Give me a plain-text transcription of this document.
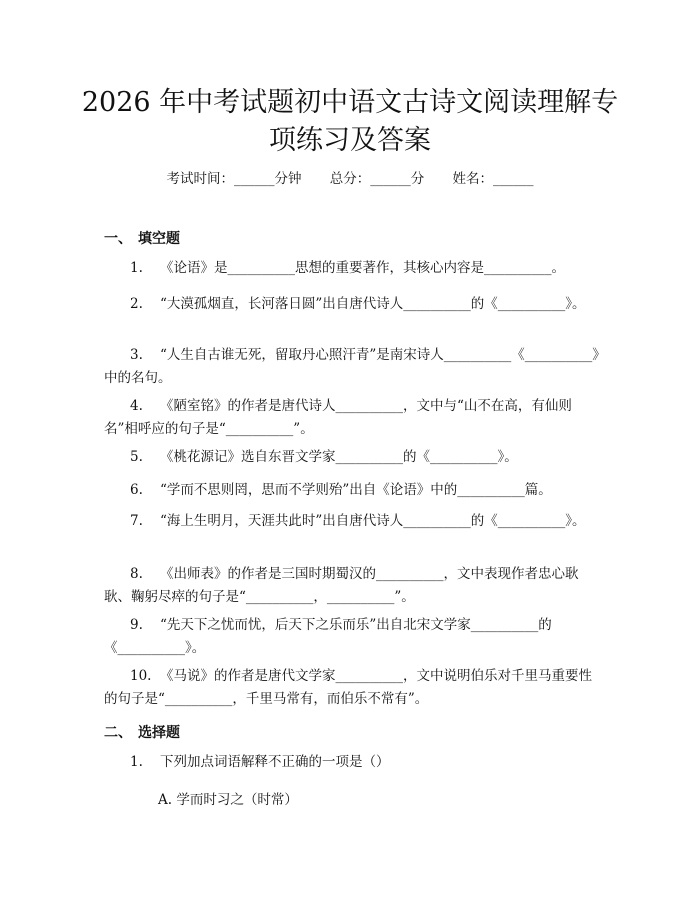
2026 年中考试题初中语文古诗文阅读理解专项练习及答案
考试时间：______分钟 总分：______分 姓名：______
一、 填空题

1. 《论语》是__________思想的重要著作，其核心内容是__________。

2. “大漠孤烟直，长河落日圆”出自唐代诗人__________的《__________》。

3. “人生自古谁无死，留取丹心照汗青”是南宋诗人__________《__________》中的名句。

4. 《陋室铭》的作者是唐代诗人__________，文中与“山不在高，有仙则名”相呼应的句子是“__________”。

5. 《桃花源记》选自东晋文学家__________的《__________》。

6. “学而不思则罔，思而不学则殆”出自《论语》中的__________篇。

7. “海上生明月，天涯共此时”出自唐代诗人__________的《__________》。

8. 《出师表》的作者是三国时期蜀汉的__________，文中表现作者忠心耿耿、鞠躬尽瘁的句子是“__________，__________”。

9. “先天下之忧而忧，后天下之乐而乐”出自北宋文学家__________的《__________》。

10. 《马说》的作者是唐代文学家__________，文中说明伯乐对千里马重要性的句子是“__________，千里马常有，而伯乐不常有”。

二、 选择题

1. 下列加点词语解释不正确的一项是（）

A. 学而时习之（时常）
